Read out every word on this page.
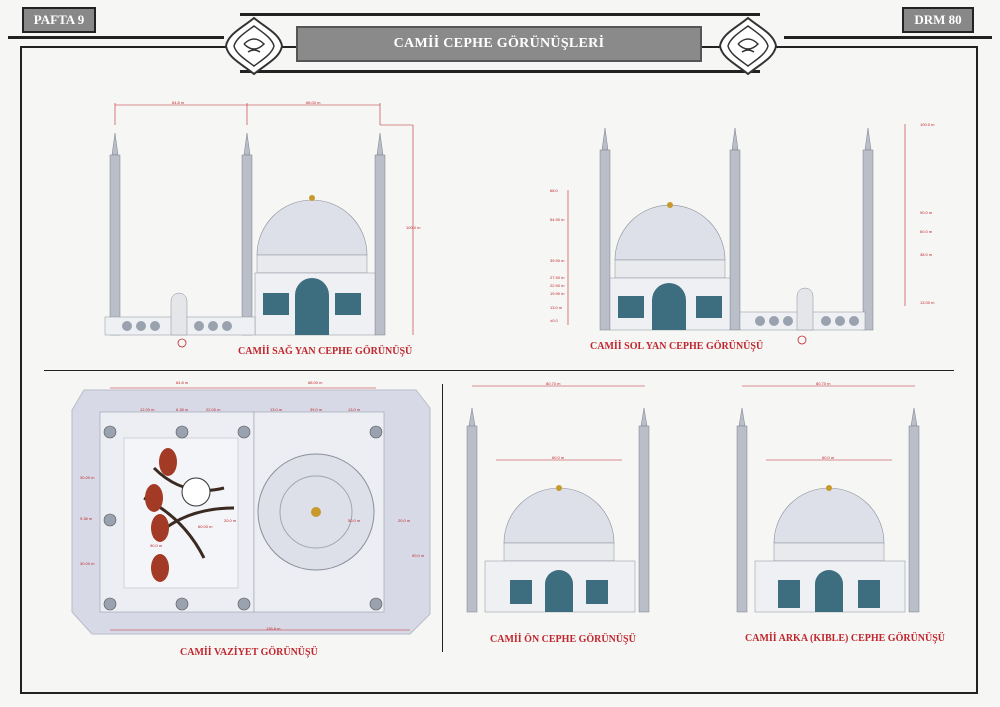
PAFTA 9	DRM 80
CAMİİ CEPHE GÖRÜNÜŞLERİ
64.8 m	68.00 m
100.0 m
CAMİİ SAĞ YAN CEPHE GÖRÜNÜŞÜ
68.0
54.90 m
39.90 m
27.90 m
22.90 m
19.90 m
13.0 m
±0.0
100.0 m
90.0 m
60.0 m
38.0 m
13.00 m
CAMİİ SOL YAN CEPHE GÖRÜNÜŞÜ
64.8 m	68.00 m
12.00 m	6.38 m	22.00 m	13.0 m	39.0 m	13.0 m
30.00 m
9.38 m
30.00 m
60.00 m
90.0 m
20.0 m	50.0 m	20.0 m
90.0 m
136.8 m
CAMİİ VAZİYET GÖRÜNÜŞÜ
80.70 m
60.0 m
CAMİİ ÖN CEPHE GÖRÜNÜŞÜ
80.70 m
60.0 m
CAMİİ ARKA (KIBLE) CEPHE GÖRÜNÜŞÜ
